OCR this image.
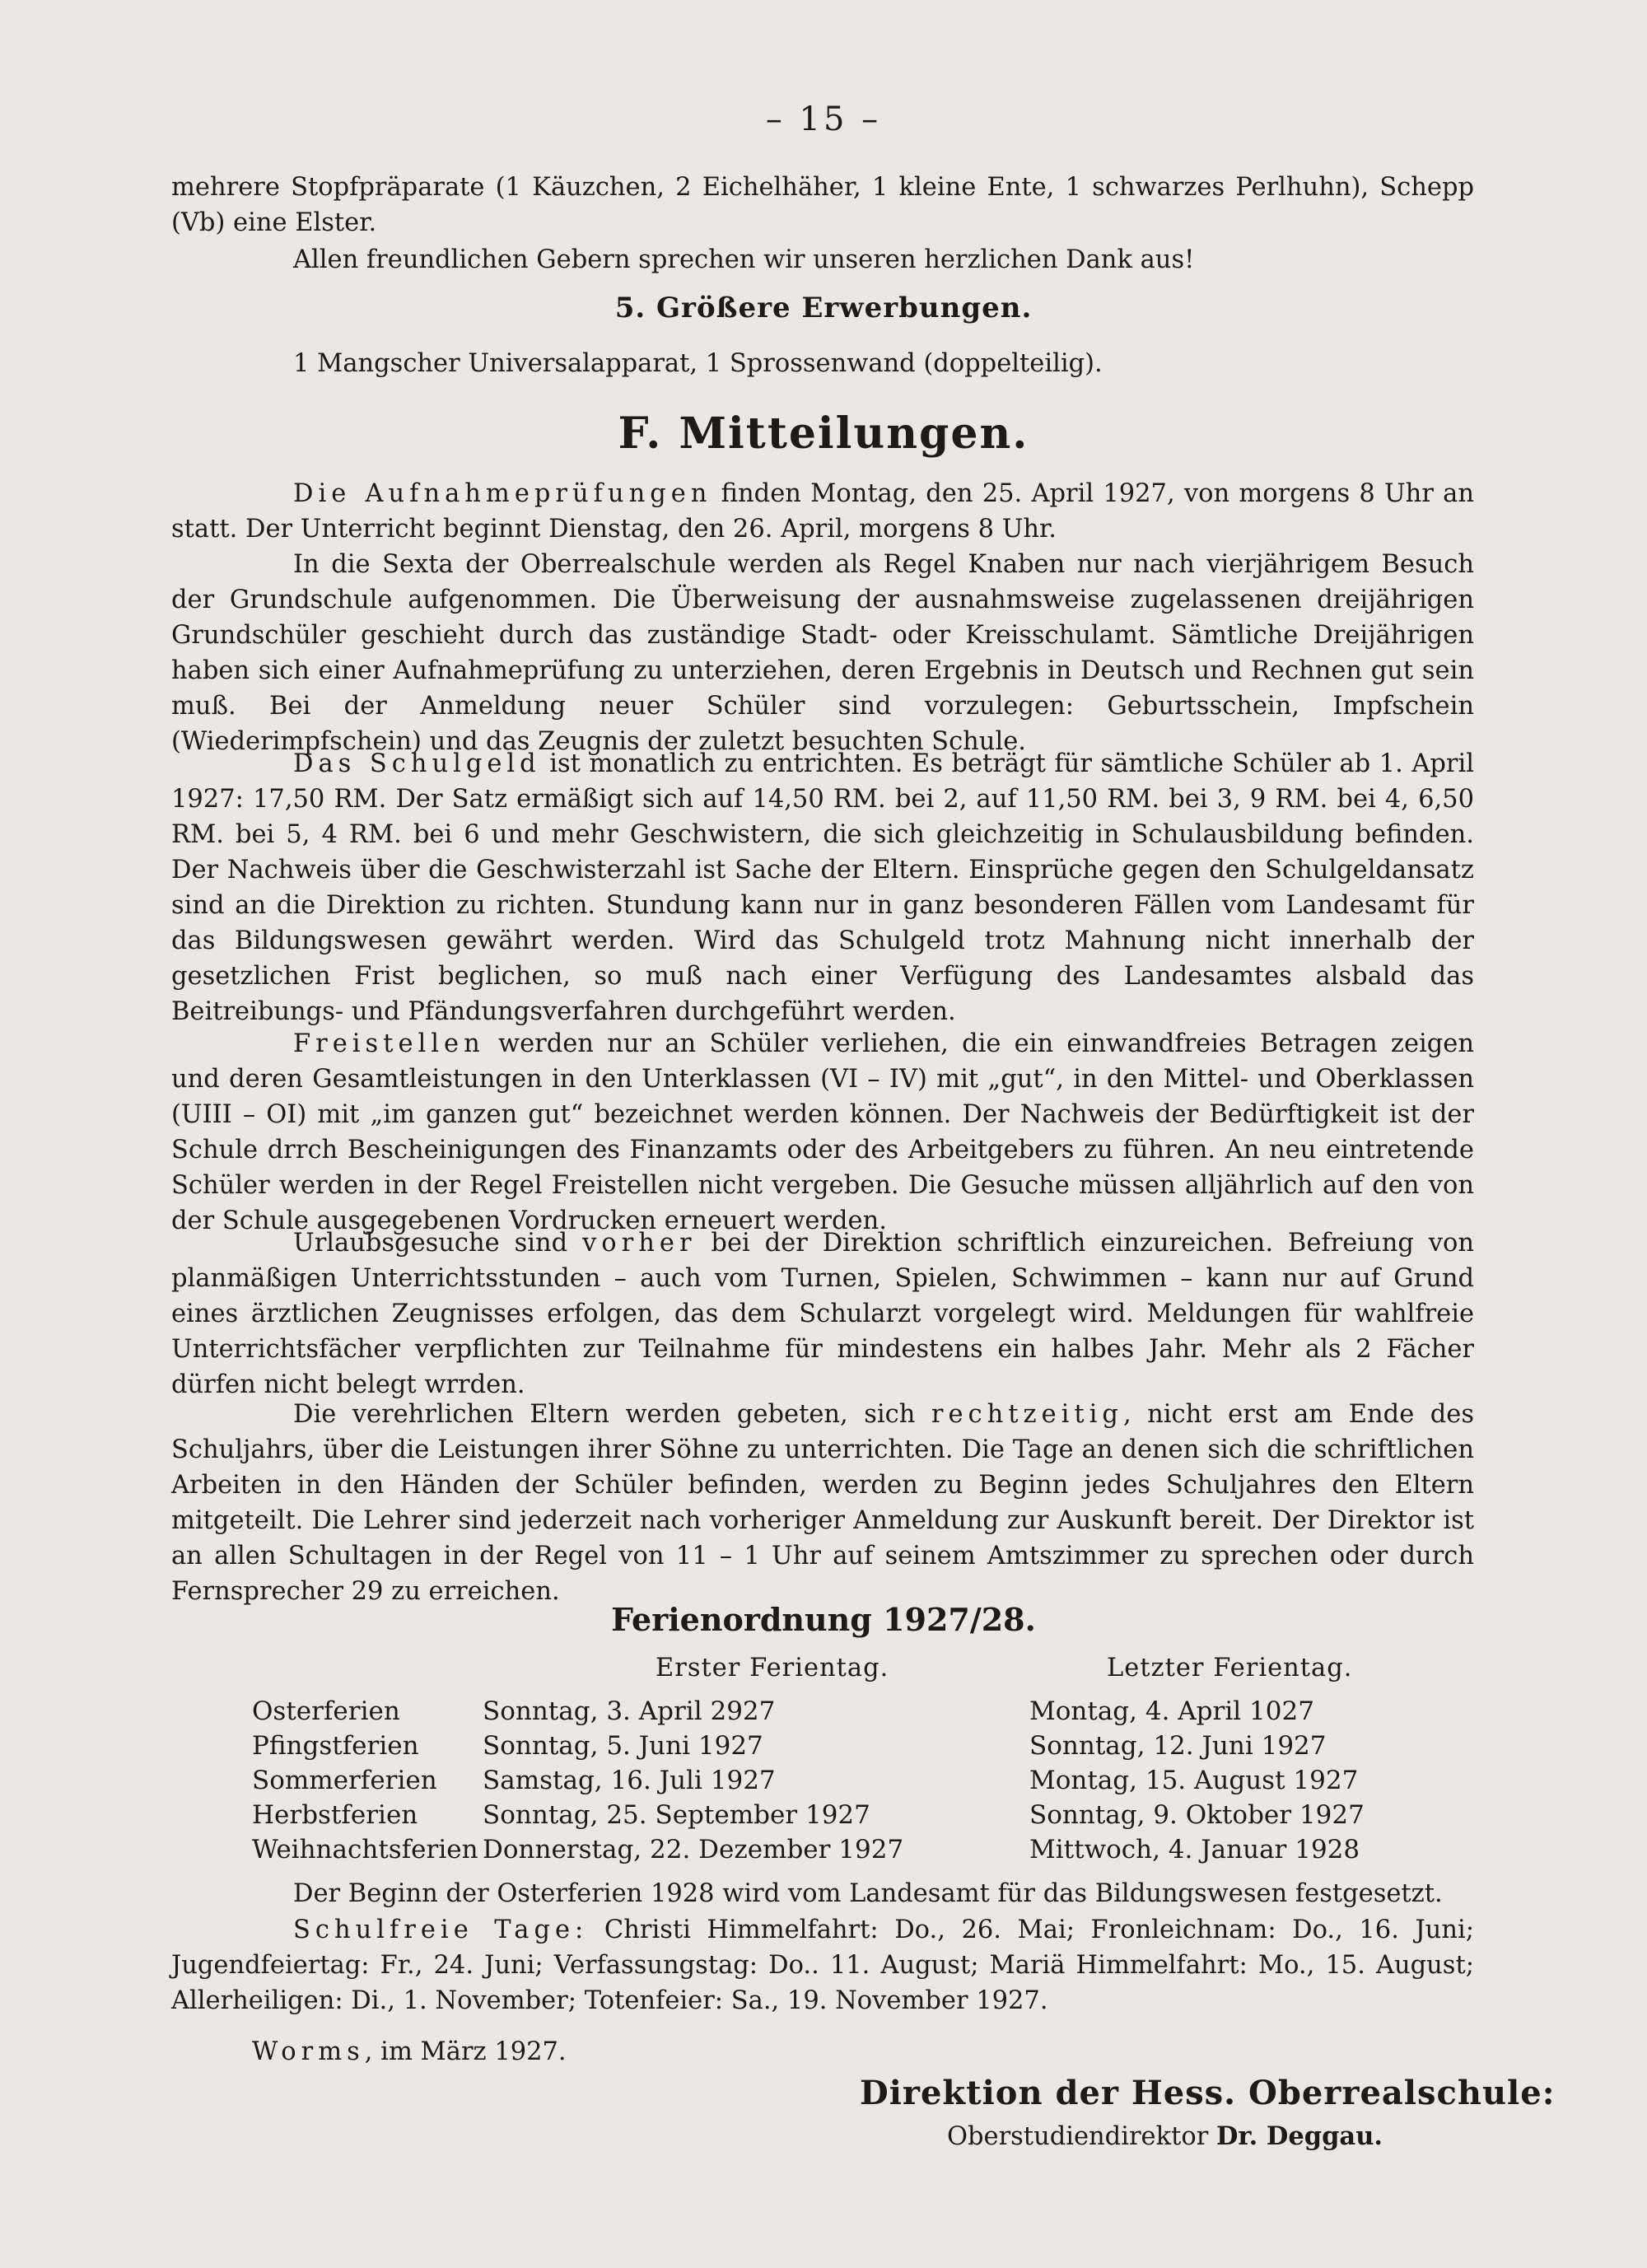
– 15 –

mehrere Stopfpräparate (1 Käuzchen, 2 Eichelhäher, 1 kleine Ente, 1 schwarzes Perlhuhn), Schepp (Vb) eine Elster.

Allen freundlichen Gebern sprechen wir unseren herzlichen Dank aus!

5. Größere Erwerbungen.

1 Mangscher Universalapparat, 1 Sprossenwand (doppelteilig).

F. Mitteilungen.

Die Aufnahmeprüfungen finden Montag, den 25. April 1927, von morgens 8 Uhr an statt. Der Unterricht beginnt Dienstag, den 26. April, morgens 8 Uhr.

In die Sexta der Oberrealschule werden als Regel Knaben nur nach vierjährigem Besuch der Grundschule aufgenommen. Die Überweisung der ausnahmsweise zugelassenen dreijährigen Grundschüler geschieht durch das zuständige Stadt- oder Kreisschulamt. Sämtliche Dreijährigen haben sich einer Aufnahmeprüfung zu unterziehen, deren Ergebnis in Deutsch und Rechnen gut sein muß. Bei der Anmeldung neuer Schüler sind vorzulegen: Geburtsschein, Impfschein (Wiederimpfschein) und das Zeugnis der zuletzt besuchten Schule.

Das Schulgeld ist monatlich zu entrichten. Es beträgt für sämtliche Schüler ab 1. April 1927: 17,50 RM. Der Satz ermäßigt sich auf 14,50 RM. bei 2, auf 11,50 RM. bei 3, 9 RM. bei 4, 6,50 RM. bei 5, 4 RM. bei 6 und mehr Geschwistern, die sich gleichzeitig in Schulausbildung befinden. Der Nachweis über die Geschwisterzahl ist Sache der Eltern. Einsprüche gegen den Schulgeldansatz sind an die Direktion zu richten. Stundung kann nur in ganz besonderen Fällen vom Landesamt für das Bildungswesen gewährt werden. Wird das Schulgeld trotz Mahnung nicht innerhalb der gesetzlichen Frist beglichen, so muß nach einer Verfügung des Landesamtes alsbald das Beitreibungs- und Pfändungsverfahren durchgeführt werden.

Freistellen werden nur an Schüler verliehen, die ein einwandfreies Betragen zeigen und deren Gesamtleistungen in den Unterklassen (VI – IV) mit „gut“, in den Mittel- und Oberklassen (UIII – OI) mit „im ganzen gut“ bezeichnet werden können. Der Nachweis der Bedürftigkeit ist der Schule drrch Bescheinigungen des Finanzamts oder des Arbeitgebers zu führen. An neu eintretende Schüler werden in der Regel Freistellen nicht vergeben. Die Gesuche müssen alljährlich auf den von der Schule ausgegebenen Vordrucken erneuert werden.

Urlaubsgesuche sind vorher bei der Direktion schriftlich einzureichen. Befreiung von planmäßigen Unterrichtsstunden – auch vom Turnen, Spielen, Schwimmen – kann nur auf Grund eines ärztlichen Zeugnisses erfolgen, das dem Schularzt vorgelegt wird. Meldungen für wahlfreie Unterrichtsfächer verpflichten zur Teilnahme für mindestens ein halbes Jahr. Mehr als 2 Fächer dürfen nicht belegt wrrden.

Die verehrlichen Eltern werden gebeten, sich rechtzeitig, nicht erst am Ende des Schuljahrs, über die Leistungen ihrer Söhne zu unterrichten. Die Tage an denen sich die schriftlichen Arbeiten in den Händen der Schüler befinden, werden zu Beginn jedes Schuljahres den Eltern mitgeteilt. Die Lehrer sind jederzeit nach vorheriger Anmeldung zur Auskunft bereit. Der Direktor ist an allen Schultagen in der Regel von 11 – 1 Uhr auf seinem Amtszimmer zu sprechen oder durch Fernsprecher 29 zu erreichen.

Ferienordnung 1927/28.
Erster Ferientag.	Letzter Ferientag.
Osterferien	Sonntag, 3. April 2927	Montag, 4. April 1027
Pfingstferien Sonntag, 5. Juni 1927	Sonntag, 12. Juni 1927
Sommerferien Samstag, 16. Juli 1927	Montag, 15. August 1927
Herbstferien	Sonntag, 25. September 1927	Sonntag, 9. Oktober 1927
Weihnachtsferien Donnerstag, 22. Dezember 1927	Mittwoch, 4. Januar 1928

Der Beginn der Osterferien 1928 wird vom Landesamt für das Bildungswesen festgesetzt.

Schulfreie Tage: Christi Himmelfahrt: Do., 26. Mai; Fronleichnam: Do., 16. Juni; Jugendfeiertag: Fr., 24. Juni; Verfassungstag: Do.. 11. August; Mariä Himmelfahrt: Mo., 15. August; Allerheiligen: Di., 1. November; Totenfeier: Sa., 19. November 1927.

Worms, im März 1927.
Direktion der Hess. Oberrealschule:
Oberstudiendirektor Dr. Deggau.
